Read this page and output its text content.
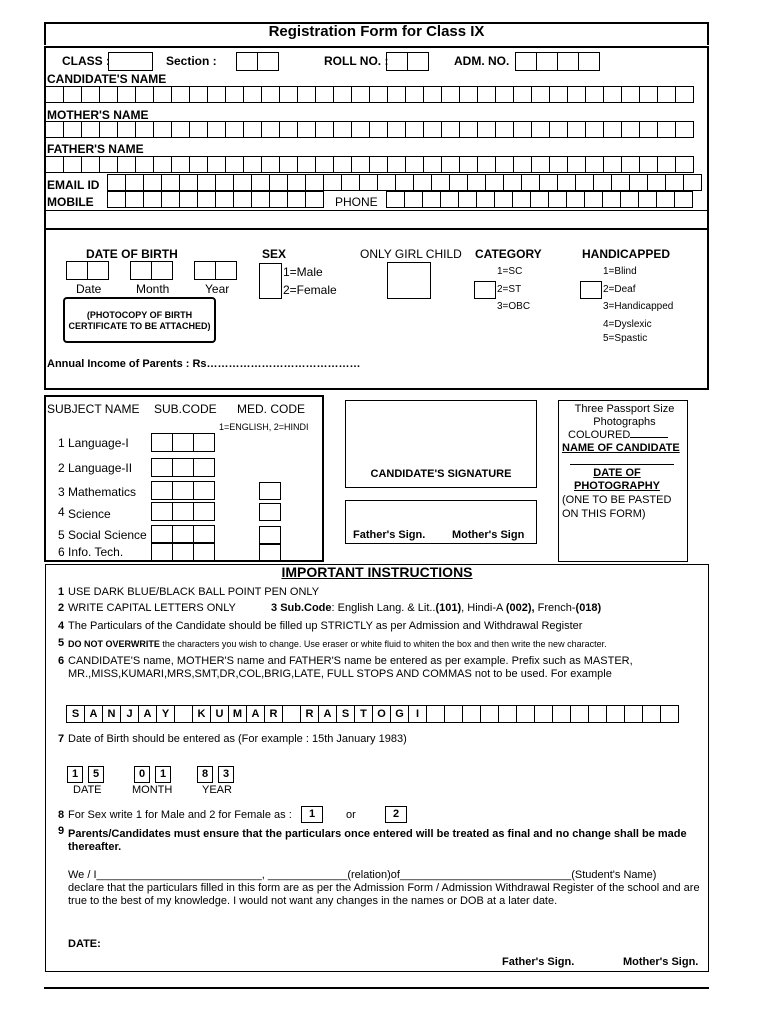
Registration Form for Class IX
CLASS :	Section :	ROLL NO. :	ADM. NO.
CANDIDATE'S NAME
MOTHER'S NAME
FATHER'S NAME
EMAIL ID
MOBILE	PHONE
DATE OF BIRTH
Date	Month	Year
(PHOTOCOPY OF BIRTH CERTIFICATE TO BE ATTACHED)
SEX
1=Male
2=Female
ONLY GIRL CHILD CATEGORY
1=SC
2=ST
3=OBC
HANDICAPPED
1=Blind
2=Deaf
3=Handicapped
4=Dyslexic
5=Spastic
Annual Income of Parents : Rs……………………………………
SUBJECT NAME SUB.CODE MED. CODE
1=ENGLISH, 2=HINDI
1 Language-I
2 Language-II
3 Mathematics
4 Science
5 Social Science
6 Info. Tech.
CANDIDATE'S SIGNATURE
Father's Sign. Mother's Sign
Three Passport Size Photographs
COLOURED
NAME OF CANDIDATE
DATE OF PHOTOGRAPHY
(ONE TO BE PASTED ON THIS FORM)
IMPORTANT INSTRUCTIONS
1 USE DARK BLUE/BLACK BALL POINT PEN ONLY
2 WRITE CAPITAL LETTERS ONLY	3 Sub.Code: English Lang. & Lit..(101), Hindi-A (002), French-(018)
4 The Particulars of the Candidate should be filled up STRICTLY as per Admission and Withdrawal Register
5 DO NOT OVERWRITE the characters you wish to change. Use eraser or white fluid to whiten the box and then write the new character.
6 CANDIDATE'S name, MOTHER'S name and FATHER'S name be entered as per example. Prefix such as MASTER, MR.,MISS,KUMARI,MRS,SMT,DR,COL,BRIG,LATE, FULL STOPS AND COMMAS not to be used. For example
S A N J A Y	K U M A R	R A S T O G	I
7 Date of Birth should be entered as (For example : 15th January 1983)
1	5	0	1	8	3
DATE	MONTH	YEAR
8 For Sex write 1 for Male and 2 for Female as :	1	or	2
9 Parents/Candidates must ensure that the particulars once entered will be treated as final and no change shall be made thereafter.
We / I___________________________, _____________(relation)of____________________________(Student's Name)
declare that the particulars filled in this form are as per the Admission Form / Admission Withdrawal Register of the school and are true to the best of my knowledge. I would not want any changes in the names or DOB at a later date.
DATE:
Father's Sign.	Mother's Sign.
